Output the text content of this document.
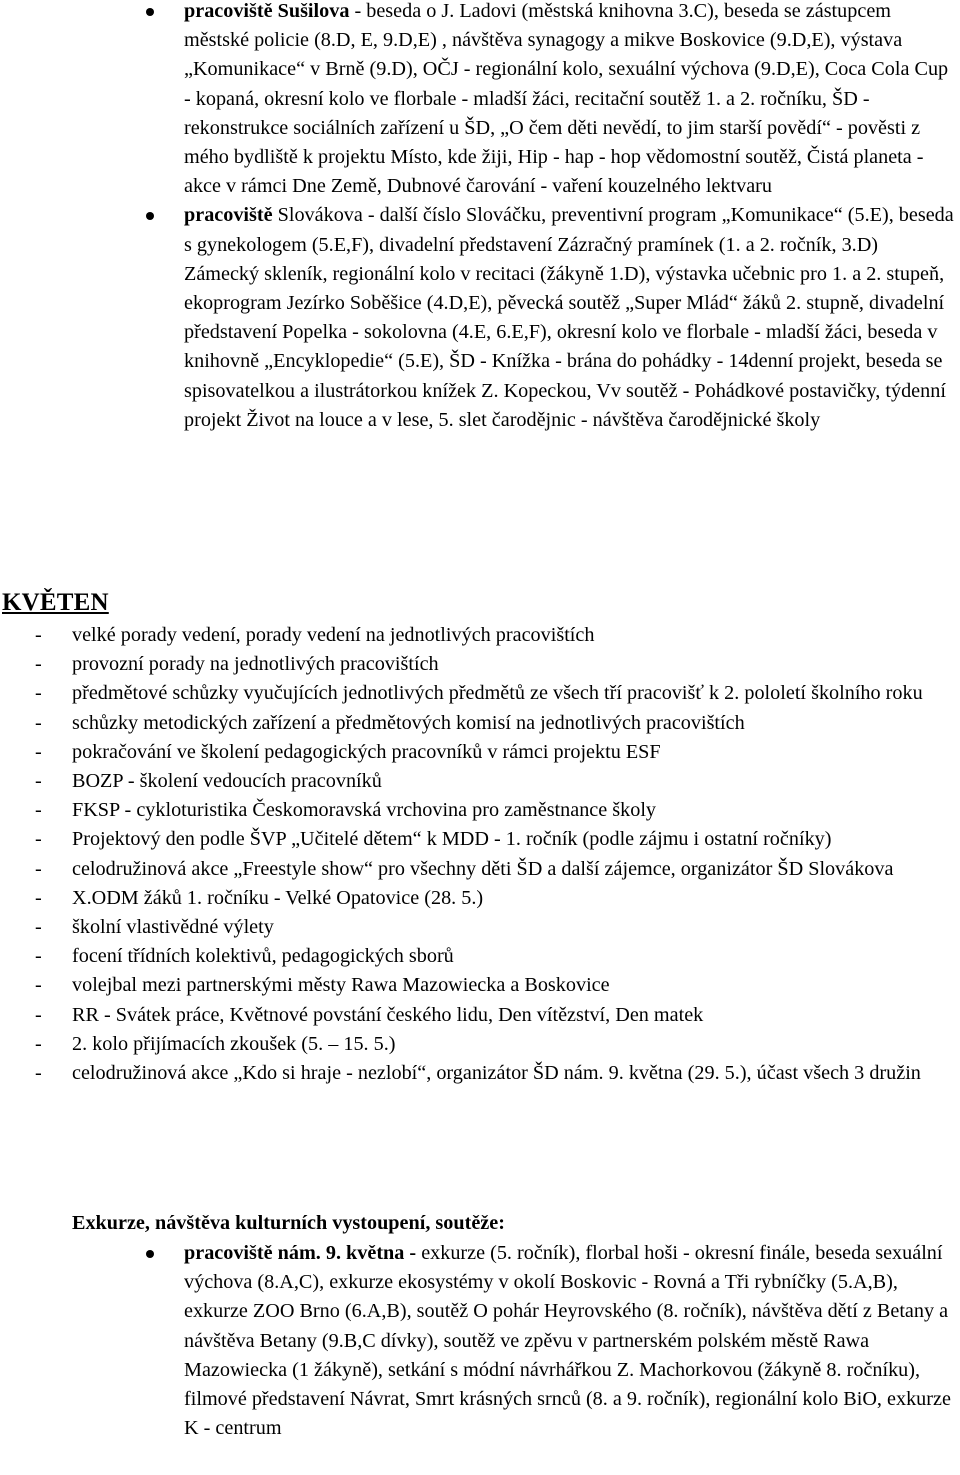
pracoviště Sušilova - beseda o J. Ladovi (městská knihovna 3.C), beseda se zástupcem městské policie (8.D, E, 9.D,E) , návštěva synagogy a mikve Boskovice (9.D,E), výstava „Komunikace“ v Brně (9.D), OČJ - regionální kolo, sexuální výchova (9.D,E), Coca Cola Cup - kopaná, okresní kolo ve florbale - mladší žáci, recitační soutěž 1. a 2. ročníku, ŠD - rekonstrukce sociálních zařízení u ŠD, „O čem děti nevědí, to jim starší povědí“ - pověsti z mého bydliště k projektu Místo, kde žiji, Hip - hap - hop vědomostní soutěž, Čistá planeta - akce v rámci Dne Země, Dubnové čarování - vaření kouzelného lektvaru
pracoviště Slovákova - další číslo Slováčku, preventivní program „Komunikace“ (5.E), beseda s gynekologem (5.E,F), divadelní představení Zázračný pramínek (1. a 2. ročník, 3.D) Zámecký skleník, regionální kolo v recitaci (žákyně 1.D), výstavka učebnic pro 1. a 2. stupeň, ekoprogram Jezírko Soběšice (4.D,E), pěvecká soutěž „Super Mlád“ žáků 2. stupně, divadelní představení Popelka - sokolovna (4.E, 6.E,F), okresní kolo ve florbale - mladší žáci, beseda v knihovně „Encyklopedie“ (5.E), ŠD - Knížka - brána do pohádky - 14denní projekt, beseda se spisovatelkou a ilustrátorkou knížek Z. Kopeckou, Vv soutěž - Pohádkové postavičky, týdenní projekt Život na louce a v lese, 5. slet čarodějnic - návštěva čarodějnické školy
KVĚTEN
- velké porady vedení, porady vedení na jednotlivých pracovištích
- provozní porady na jednotlivých pracovištích
- předmětové schůzky vyučujících jednotlivých předmětů ze všech tří pracovišť k 2. pololetí školního roku
- schůzky metodických zařízení a předmětových komisí na jednotlivých pracovištích
- pokračování ve školení pedagogických pracovníků v rámci projektu ESF
- BOZP - školení vedoucích pracovníků
- FKSP - cykloturistika Českomoravská vrchovina pro zaměstnance školy
- Projektový den podle ŠVP „Učitelé dětem“ k MDD - 1. ročník (podle zájmu i ostatní ročníky)
- celodružinová akce „Freestyle show“ pro všechny děti ŠD a další zájemce, organizátor ŠD Slovákova
- X.ODM žáků 1. ročníku - Velké Opatovice (28. 5.)
- školní vlastivědné výlety
- focení třídních kolektivů, pedagogických sborů
- volejbal mezi partnerskými městy Rawa Mazowiecka a Boskovice
- RR - Svátek práce, Květnové povstání českého lidu, Den vítězství, Den matek
- 2. kolo přijímacích zkoušek (5. – 15. 5.)
- celodružinová akce „Kdo si hraje - nezlobí“, organizátor ŠD nám. 9. května (29. 5.), účast všech 3 družin
Exkurze, návštěva kulturních vystoupení, soutěže:
pracoviště nám. 9. května - exkurze (5. ročník), florbal hoši - okresní finále, beseda sexuální výchova (8.A,C), exkurze ekosystémy v okolí Boskovic - Rovná a Tři rybníčky (5.A,B), exkurze ZOO Brno (6.A,B), soutěž O pohár Heyrovského (8. ročník), návštěva dětí z Betany a návštěva Betany (9.B,C dívky), soutěž ve zpěvu v partnerském polském městě Rawa Mazowiecka (1 žákyně), setkání s módní návrhářkou Z. Machorkovou (žákyně 8. ročníku), filmové představení Návrat, Smrt krásných srnců (8. a 9. ročník), regionální kolo BiO, exkurze K - centrum
